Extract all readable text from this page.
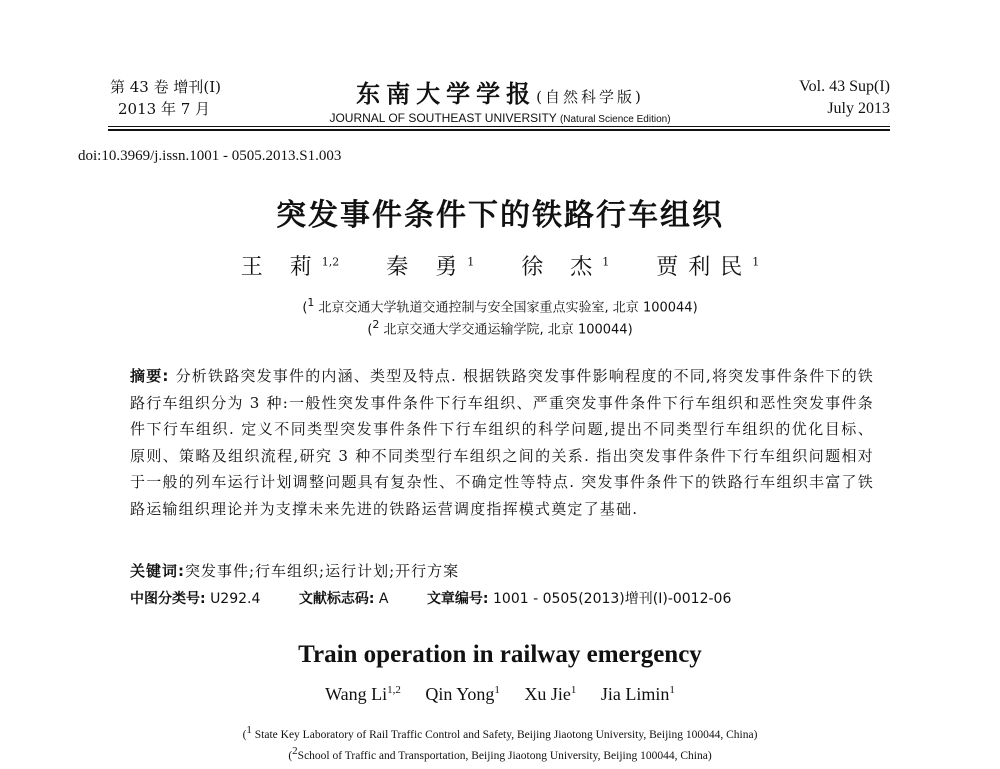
第 43 卷 增刊(I)
2013 年 7 月
东南大学学报(自然科学版)
JOURNAL OF SOUTHEAST UNIVERSITY (Natural Science Edition)
Vol. 43 Sup(I)
July 2013
doi:10.3969/j.issn.1001 - 0505.2013.S1.003
突发事件条件下的铁路行车组织
王 莉$^{1,2}$ 秦 勇$^1$ 徐 杰$^1$ 贾利民$^1$
($^1$ 北京交通大学轨道交通控制与安全国家重点实验室, 北京 100044)
($^2$ 北京交通大学交通运输学院, 北京 100044)
摘要: 分析铁路突发事件的内涵、类型及特点. 根据铁路突发事件影响程度的不同,将突发事件条件下的铁路行车组织分为 3 种:一般性突发事件条件下行车组织、严重突发事件条件下行车组织和恶性突发事件条件下行车组织. 定义不同类型突发事件条件下行车组织的科学问题,提出不同类型行车组织的优化目标、原则、策略及组织流程,研究 3 种不同类型行车组织之间的关系. 指出突发事件条件下行车组织问题相对于一般的列车运行计划调整问题具有复杂性、不确定性等特点. 突发事件条件下的铁路行车组织丰富了铁路运输组织理论并为支撑未来先进的铁路运营调度指挥模式奠定了基础.
关键词:突发事件;行车组织;运行计划;开行方案
中图分类号: U292.4	文献标志码: A	文章编号: 1001 - 0505(2013)增刊(I)-0012-06
Train operation in railway emergency
Wang Li$^{1,2}$ Qin Yong$^1$ Xu Jie$^1$ Jia Limin$^1$
($^1$ State Key Laboratory of Rail Traffic Control and Safety, Beijing Jiaotong University, Beijing 100044, China)
($^2$School of Traffic and Transportation, Beijing Jiaotong University, Beijing 100044, China)
